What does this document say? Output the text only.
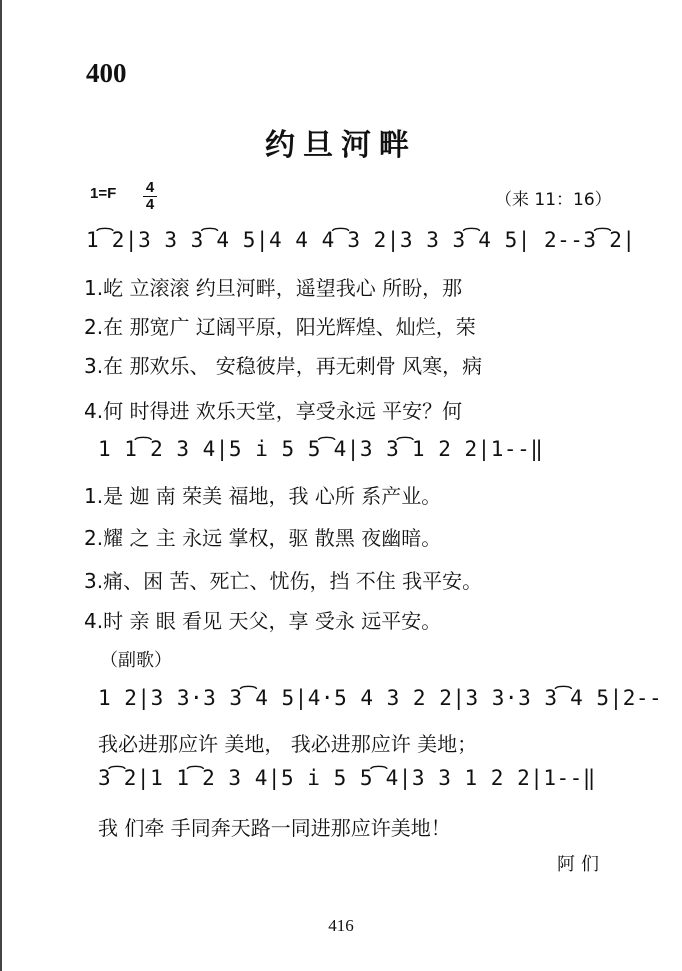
400
约旦河畔
1=F 4
4	（来 11：16）
1͡2|3 3 3͡4 5|4 4 4͡3 2|3 3 3͡4 5| 2--3͡2|
1.屹 立滚滚 约旦河畔，遥望我心 所盼，那
2.在 那宽广 辽阔平原，阳光辉煌、灿烂，荣
3.在 那欢乐、 安稳彼岸，再无刺骨 风寒，病
4.何 时得进 欢乐天堂，享受永远 平安？何
1 1͡2 3 4|5 i 5 5͡4|3 3͡1 2 2|1--‖
1.是 迦 南 荣美 福地，我 心所 系产业。
2.耀 之 主 永远 掌权，驱 散黑 夜幽暗。
3.痛、困 苦、死亡、忧伤，挡 不住 我平安。
4.时 亲 眼 看见 天父，享 受永 远平安。
（副歌）
1 2|3 3·3 3͡4 5|4·5 4 3 2 2|3 3·3 3͡4 5|2--
我必进那应许 美地， 我必进那应许 美地；
3͡2|1 1͡2 3 4|5 i 5 5͡4|3 3 1 2 2|1--‖
我 们牵 手同奔天路一同进那应许美地！
阿们
416
